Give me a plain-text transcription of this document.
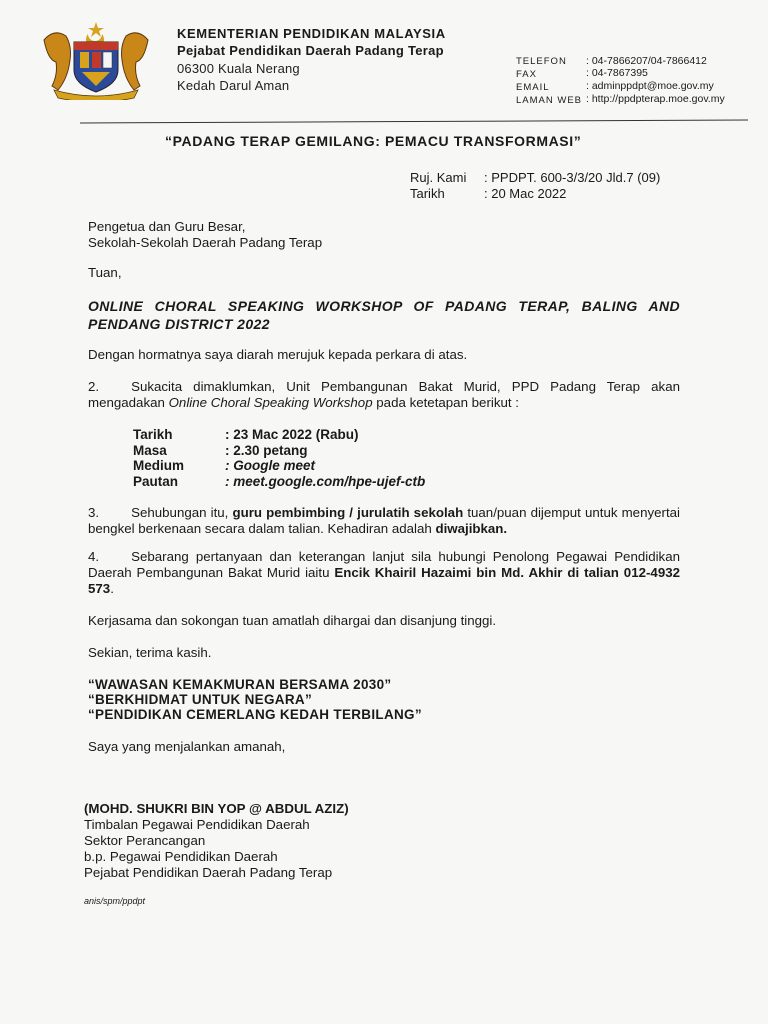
KEMENTERIAN PENDIDIKAN MALAYSIA
Pejabat Pendidikan Daerah Padang Terap
06300 Kuala Nerang
Kedah Darul Aman
TELEFON : 04-7866207/04-7866412
FAX	: 04-7867395
EMAIL	: adminppdpt@moe.gov.my
LAMAN WEB : http://ppdpterap.moe.gov.my
“PADANG TERAP GEMILANG: PEMACU TRANSFORMASI”
Ruj. Kami : PPDPT. 600-3/3/20 Jld.7 (09)
Tarikh	: 20 Mac 2022
Pengetua dan Guru Besar,
Sekolah-Sekolah Daerah Padang Terap
Tuan,
ONLINE CHORAL SPEAKING WORKSHOP OF PADANG TERAP, BALING AND PENDANG DISTRICT 2022
Dengan hormatnya saya diarah merujuk kepada perkara di atas.
2. Sukacita dimaklumkan, Unit Pembangunan Bakat Murid, PPD Padang Terap akan mengadakan Online Choral Speaking Workshop pada ketetapan berikut :
Tarikh	: 23 Mac 2022 (Rabu)
Masa	: 2.30 petang
Medium	: Google meet
Pautan	: meet.google.com/hpe-ujef-ctb
3. Sehubungan itu, guru pembimbing / jurulatih sekolah tuan/puan dijemput untuk menyertai bengkel berkenaan secara dalam talian. Kehadiran adalah diwajibkan.
4. Sebarang pertanyaan dan keterangan lanjut sila hubungi Penolong Pegawai Pendidikan Daerah Pembangunan Bakat Murid iaitu Encik Khairil Hazaimi bin Md. Akhir di talian 012-4932 573.
Kerjasama dan sokongan tuan amatlah dihargai dan disanjung tinggi.
Sekian, terima kasih.
“WAWASAN KEMAKMURAN BERSAMA 2030”
“BERKHIDMAT UNTUK NEGARA”
“PENDIDIKAN CEMERLANG KEDAH TERBILANG”
Saya yang menjalankan amanah,
(MOHD. SHUKRI BIN YOP @ ABDUL AZIZ)
Timbalan Pegawai Pendidikan Daerah
Sektor Perancangan
b.p. Pegawai Pendidikan Daerah
Pejabat Pendidikan Daerah Padang Terap
anis/spm/ppdpt
